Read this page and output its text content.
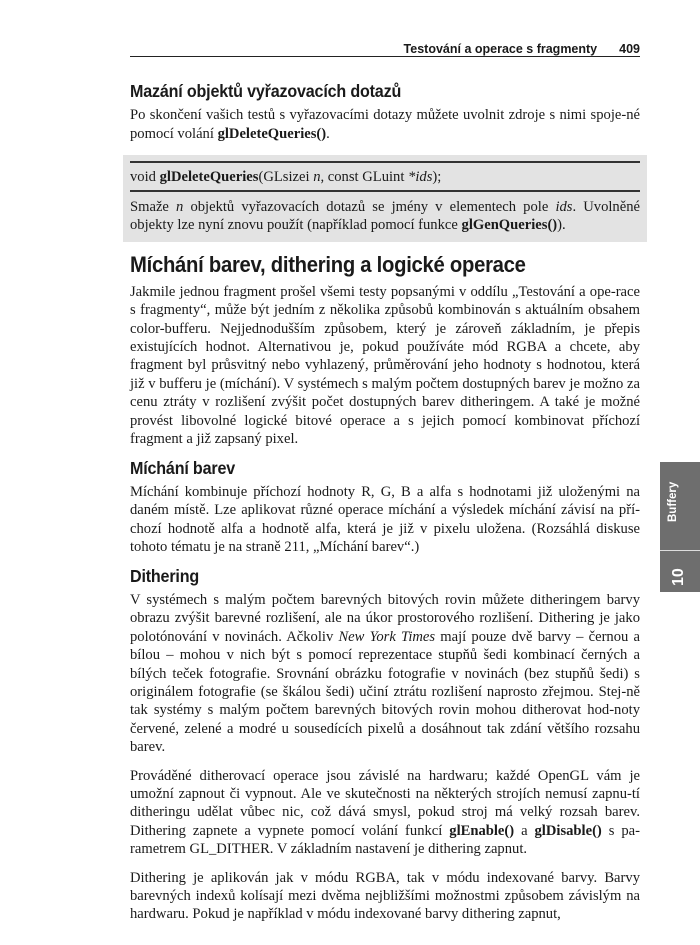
Testování a operace s fragmenty 409
Mazání objektů vyřazovacích dotazů

Po skončení vašich testů s vyřazovacími dotazy můžete uvolnit zdroje s nimi spoje-né pomocí volání glDeleteQueries().

void glDeleteQueries(GLsizei n, const GLuint *ids);
Smaže n objektů vyřazovacích dotazů se jmény v elementech pole ids. Uvolněné objekty lze nyní znovu použít (například pomocí funkce glGenQueries()).
Míchání barev, dithering a logické operace

Jakmile jednou fragment prošel všemi testy popsanými v oddílu „Testování a ope-race s fragmenty“, může být jedním z několika způsobů kombinován s aktuálním obsahem color-bufferu. Nejjednodušším způsobem, který je zároveň základním, je přepis existujících hodnot. Alternativou je, pokud používáte mód RGBA a chcete, aby fragment byl průsvitný nebo vyhlazený, průměrování jeho hodnoty s hodnotou, která již v bufferu je (míchání). V systémech s malým počtem dostupných barev je možno za cenu ztráty v rozlišení zvýšit počet dostupných barev ditheringem. A také je možné provést libovolné logické bitové operace a s jejich pomocí kombinovat příchozí fragment a již zapsaný pixel.

Míchání barev

Míchání kombinuje příchozí hodnoty R, G, B a alfa s hodnotami již uloženými na daném místě. Lze aplikovat různé operace míchání a výsledek míchání závisí na pří-chozí hodnotě alfa a hodnotě alfa, která je již v pixelu uložena. (Rozsáhlá diskuse tohoto tématu je na straně 211, „Míchání barev“.)

Dithering

V systémech s malým počtem barevných bitových rovin můžete ditheringem barvy obrazu zvýšit barevné rozlišení, ale na úkor prostorového rozlišení. Dithering je jako polotónování v novinách. Ačkoliv New York Times mají pouze dvě barvy – černou a bílou – mohou v nich být s pomocí reprezentace stupňů šedi kombinací černých a bílých teček fotografie. Srovnání obrázku fotografie v novinách (bez stupňů šedi) s originálem fotografie (se škálou šedi) učiní ztrátu rozlišení naprosto zřejmou. Stej-ně tak systémy s malým počtem barevných bitových rovin mohou ditherovat hod-noty červené, zelené a modré u sousedících pixelů a dosáhnout tak zdání většího rozsahu barev.

Prováděné ditherovací operace jsou závislé na hardwaru; každé OpenGL vám je umožní zapnout či vypnout. Ale ve skutečnosti na některých strojích nemusí zapnu-tí ditheringu udělat vůbec nic, což dává smysl, pokud stroj má velký rozsah barev. Dithering zapnete a vypnete pomocí volání funkcí glEnable() a glDisable() s pa-rametrem GL_DITHER. V základním nastavení je dithering zapnut.

Dithering je aplikován jak v módu RGBA, tak v módu indexované barvy. Barvy barevných indexů kolísají mezi dvěma nejbližšími možnostmi způsobem závislým na hardwaru. Pokud je například v módu indexované barvy dithering zapnut,

Buffery
10
